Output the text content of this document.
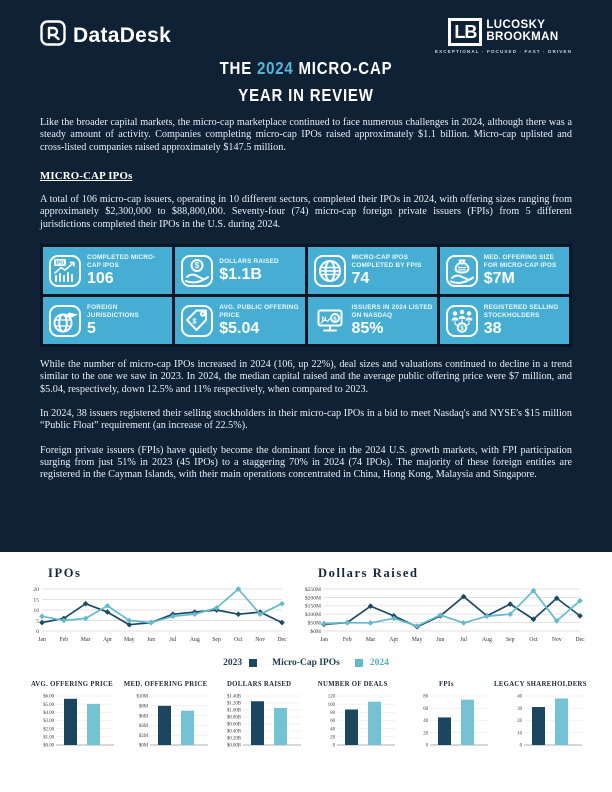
DataDesk	LB LUCOSKY
BROOKMAN
EXCEPTIONAL · FOCUSED · FAST · DRIVEN
THE 2024 MICRO-CAP
YEAR IN REVIEW

Like the broader capital markets, the micro-cap marketplace continued to face numerous challenges in 2024, although there was a steady amount of activity. Companies completing micro-cap IPOs raised approximately $1.1 billion. Micro-cap uplisted and cross-listed companies raised approximately $147.5 million.

MICRO-CAP IPOs

A total of 106 micro-cap issuers, operating in 10 different sectors, completed their IPOs in 2024, with offering sizes ranging from approximately $2,300,000 to $88,800,000. Seventy-four (74) micro-cap foreign private issuers (FPIs) from 5 different jurisdictions completed their IPOs in the U.S. during 2024.

IPO
COMPLETED MICRO-CAP IPOS
106
$	DOLLARS RAISED
$1.1B
MICRO-CAP IPOS COMPLETED BY FPIS
74
MED. OFFERING SIZE FOR MICRO-CAP IPOS
$7M
FOREIGN JURISDICTIONS
5	$
AVG. PUBLIC OFFERING PRICE
$5.04
N $
ISSUERS IN 2024 LISTED ON NASDAQ
85%	$
REGISTERED SELLING STOCKHOLDERS
38

While the number of micro-cap IPOs increased in 2024 (106, up 22%), deal sizes and valuations continued to decline in a trend similar to the one we saw in 2023. In 2024, the median capital raised and the average public offering price were $7 million, and $5.04, respectively, down 12.5% and 11% respectively, when compared to 2023.

In 2024, 38 issuers registered their selling stockholders in their micro-cap IPOs in a bid to meet Nasdaq's and NYSE's $15 million “Public Float” requirement (an increase of 22.5%).

Foreign private issuers (FPIs) have quietly become the dominant force in the 2024 U.S. growth markets, with FPI participation surging from just 51% in 2023 (45 IPOs) to a staggering 70% in 2024 (74 IPOs). The majority of these foreign entities are registered in the Cayman Islands, with their main operations concentrated in China, Hong Kong, Malaysia and Singapore.

IPOs
0
5
10
15
20
Jan Feb Mar Apr May Jun Jul Aug Sep Oct Nov Dec
Dollars Raised
$0M
$50M
$100M
$150M
$200M
$250M
Jan	Feb Mar Apr May Jun	Jul	Aug Sep	Oct Nov Dec
2023	Micro-Cap IPOs	2024
AVG. OFFERING PRICE
$0.00
$1.00
$2.00
$3.00
$4.00
$5.00
$6.00
MED. OFFERING PRICE
$0M
$2M
$4M
$6M
$8M
$10M
DOLLARS RAISED
$0.00B
$0.20B
$0.40B
$0.60B
$0.80B
$1.00B
$1.20B
$1.40B
NUMBER OF DEALS
0
20
40
60
80
100
120
FPIs
0
20
40
60
80
LEGACY SHAREHOLDERS
0
10
20
30
40
